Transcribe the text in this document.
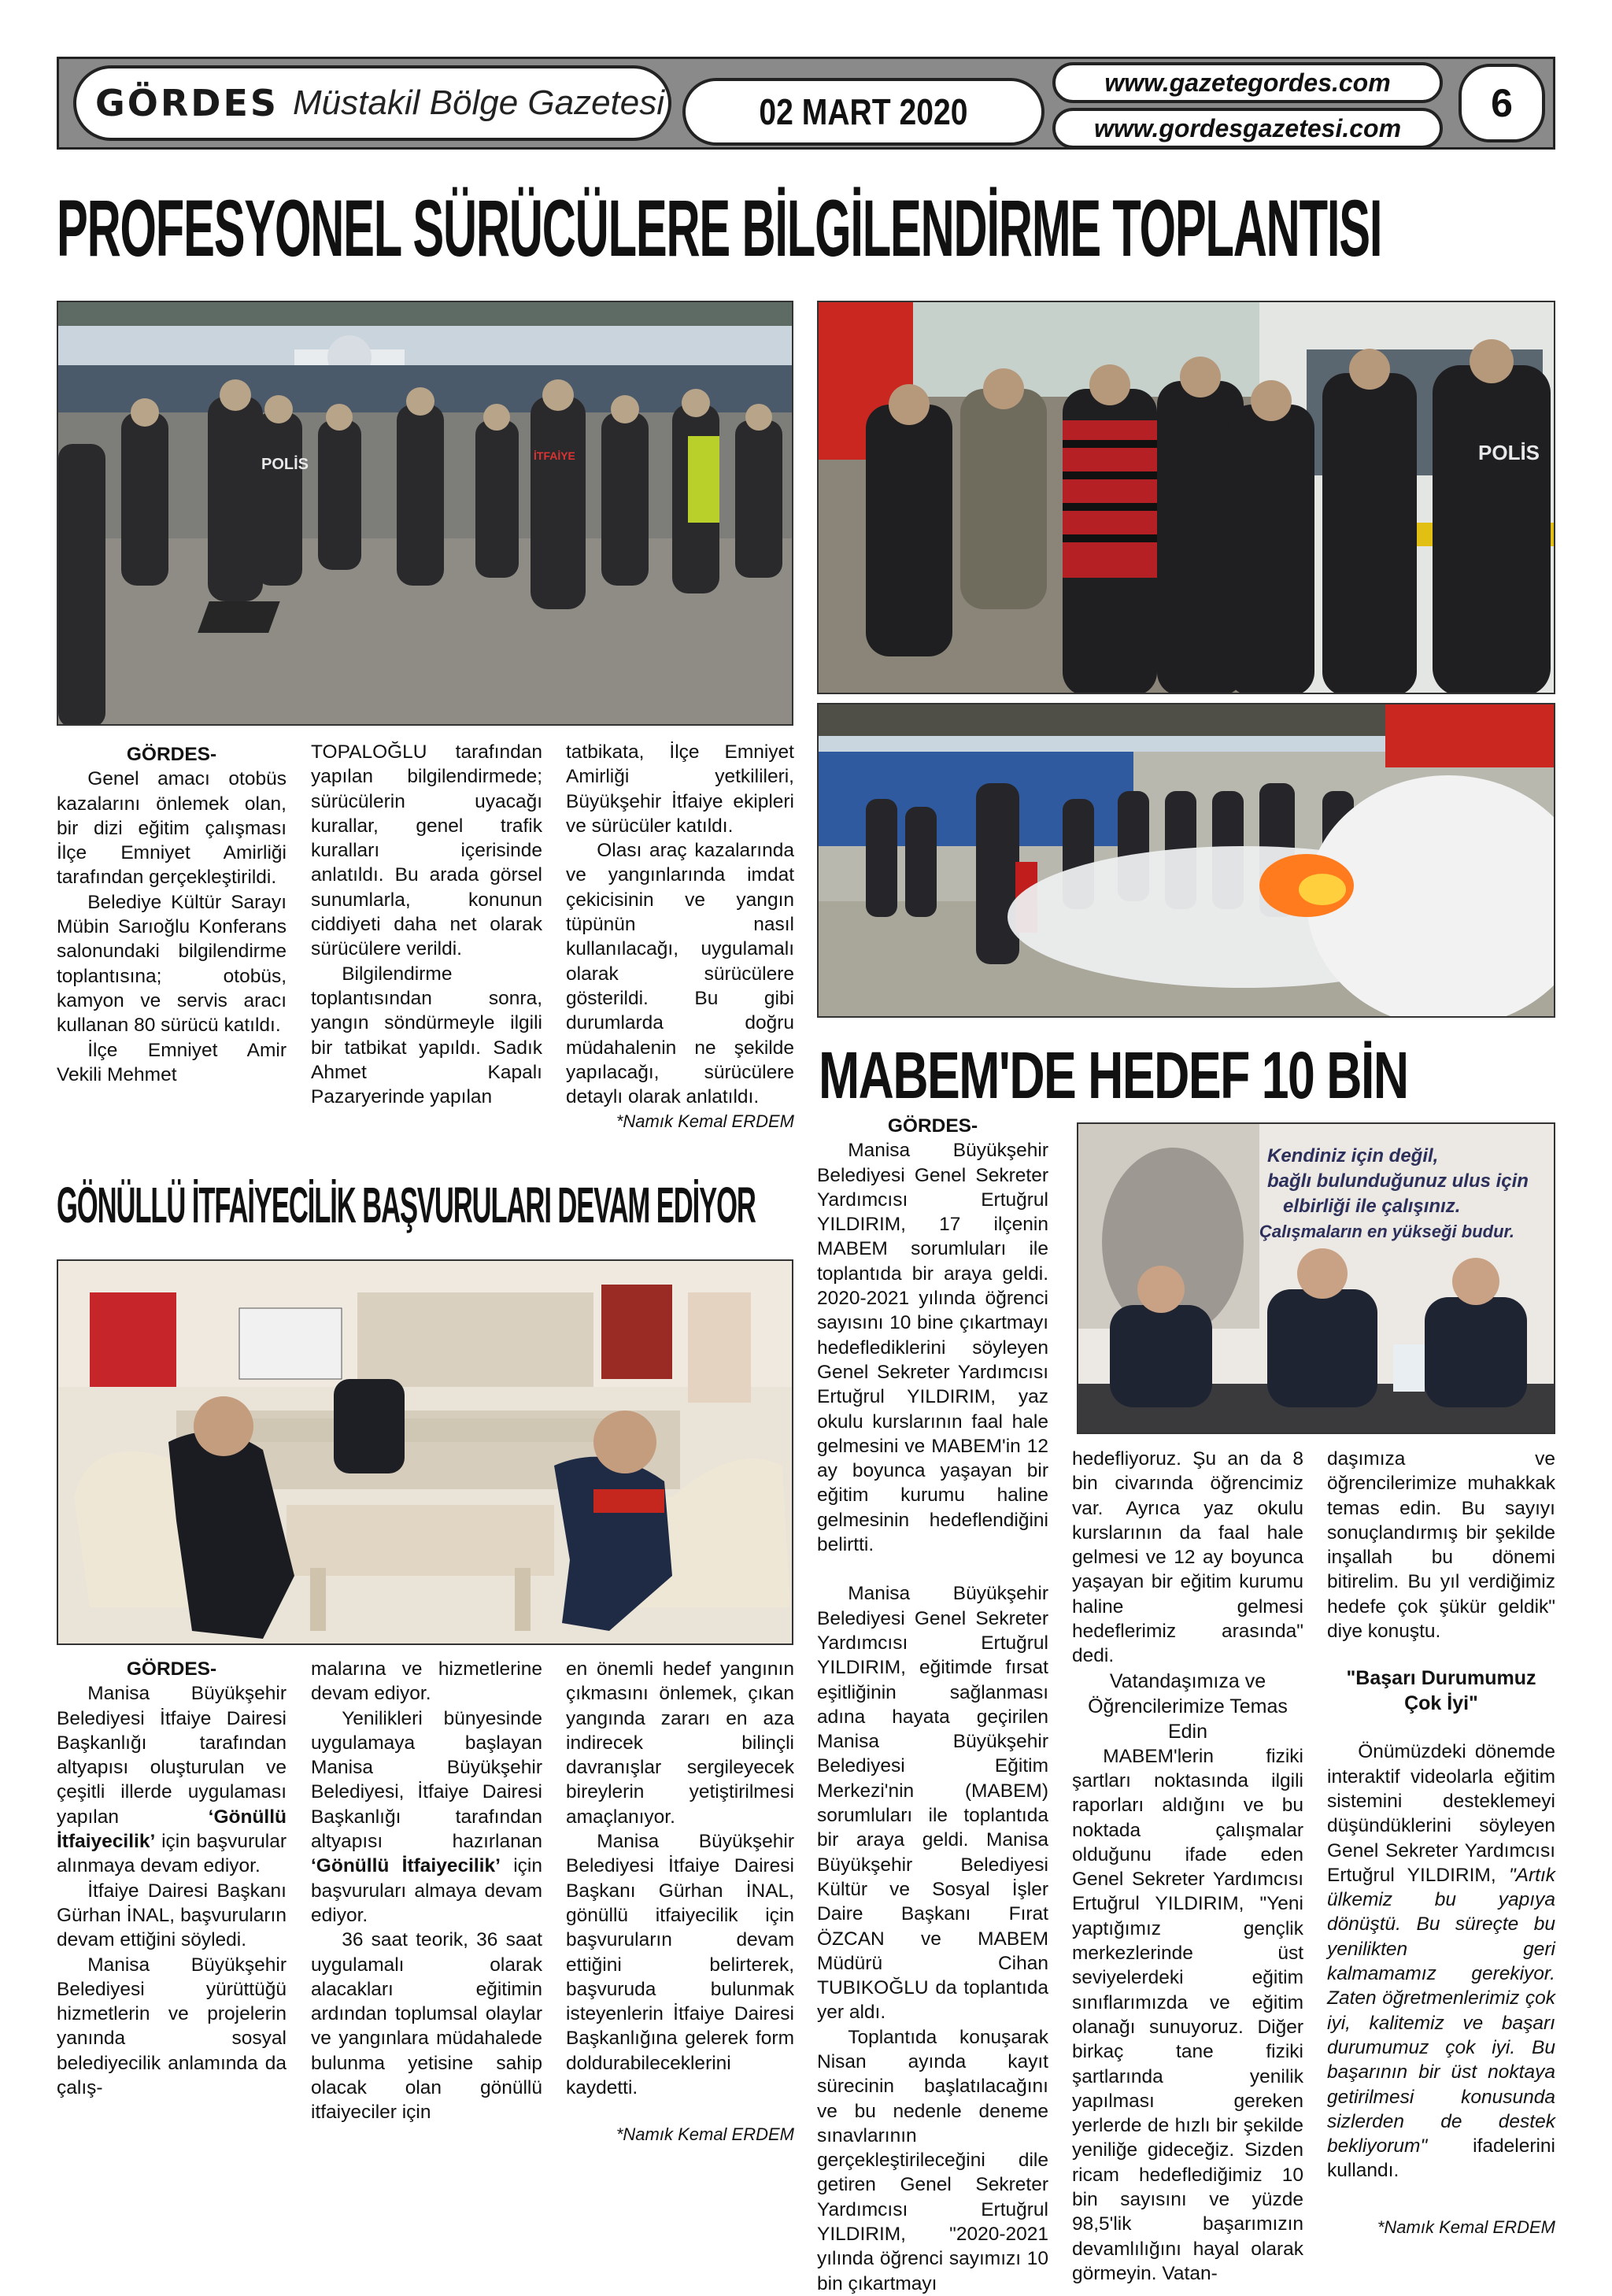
GÖRDES Müstakil Bölge Gazetesi	02 MART 2020
www.gazetegordes.com
www.gordesgazetesi.com
6
PROFESYONEL SÜRÜCÜLERE BİLGİLENDİRME TOPLANTISI
POLİS	İTFAİYE	POLİS
GÖRDES-

Genel amacı otobüs kazalarını önlemek olan, bir dizi eğitim çalışması İlçe Emniyet Amirliği tarafından gerçekleştirildi.

Belediye Kültür Sarayı Mübin Sarıoğlu Konferans salonundaki bilgilendirme toplantısına; otobüs, kamyon ve servis aracı kullanan 80 sürücü katıldı.

İlçe Emniyet Amir Vekili Mehmet

TOPALOĞLU tarafından yapılan bilgilendirmede; sürücülerin uyacağı kurallar, genel trafik kuralları içerisinde anlatıldı. Bu arada görsel sunumlarla, konunun ciddiyeti daha net olarak sürücülere verildi.

Bilgilendirme toplantısından sonra, yangın söndürmeyle ilgili bir tatbikat yapıldı. Sadık Ahmet Kapalı Pazaryerinde yapılan

tatbikata, İlçe Emniyet Amirliği yetkilileri, Büyükşehir İtfaiye ekipleri ve sürücüler katıldı.

Olası araç kazalarında ve yangınlarında imdat çekicisinin ve yangın tüpünün nasıl kullanılacağı, uygulamalı olarak sürücülere gösterildi. Bu gibi durumlarda doğru müdahalenin ne şekilde yapılacağı, sürücülere detaylı olarak anlatıldı.

*Namık Kemal ERDEM

GÖNÜLLÜ İTFAİYECİLİK BAŞVURULARI DEVAM EDİYOR
GÖRDES-

Manisa Büyükşehir Belediyesi İtfaiye Dairesi Başkanlığı tarafından altyapısı oluşturulan ve çeşitli illerde uygulaması yapılan ‘Gönüllü İtfaiyecilik’ için başvurular alınmaya devam ediyor.

İtfaiye Dairesi Başkanı Gürhan İNAL, başvuruların devam ettiğini söyledi.

Manisa Büyükşehir Belediyesi yürüttüğü hizmetlerin ve projelerin yanında sosyal belediyecilik anlamında da çalış-

malarına ve hizmetlerine devam ediyor.

Yenilikleri bünyesinde uygulamaya başlayan Manisa Büyükşehir Belediyesi, İtfaiye Dairesi Başkanlığı tarafından altyapısı hazırlanan ‘Gönüllü İtfaiyecilik’ için başvuruları almaya devam ediyor.

36 saat teorik, 36 saat uygulamalı olarak alacakları eğitimin ardından toplumsal olaylar ve yangınlara müdahalede bulunma yetisine sahip olacak olan gönüllü itfaiyeciler için

en önemli hedef yangının çıkmasını önlemek, çıkan yangında zararı en aza indirecek bilinçli davranışlar sergileyecek bireylerin yetiştirilmesi amaçlanıyor.

Manisa Büyükşehir Belediyesi İtfaiye Dairesi Başkanı Gürhan İNAL, gönüllü itfaiyecilik için başvuruların devam ettiğini belirterek, başvuruda bulunmak isteyenlerin İtfaiye Dairesi Başkanlığına gelerek form doldurabileceklerini kaydetti.

*Namık Kemal ERDEM

MABEM'DE HEDEF 10 BİN
Kendiniz için değil,
bağlı bulunduğunuz ulus için
elbirliği ile çalışınız.
Çalışmaların en yükseği budur.
GÖRDES-

Manisa Büyükşehir Belediyesi Genel Sekreter Yardımcısı Ertuğrul YILDIRIM, 17 ilçenin MABEM sorumluları ile toplantıda bir araya geldi. 2020-2021 yılında öğrenci sayısını 10 bine çıkartmayı hedeflediklerini söyleyen Genel Sekreter Yardımcısı Ertuğrul YILDIRIM, yaz okulu kurslarının faal hale gelmesini ve MABEM'in 12 ay boyunca yaşayan bir eğitim kurumu haline gelmesinin hedeflendiğini belirtti.

Manisa Büyükşehir Belediyesi Genel Sekreter Yardımcısı Ertuğrul YILDIRIM, eğitimde fırsat eşitliğinin sağlanması adına hayata geçirilen Manisa Büyükşehir Belediyesi Eğitim Merkezi'nin (MABEM) sorumluları ile toplantıda bir araya geldi. Manisa Büyükşehir Belediyesi Kültür ve Sosyal İşler Daire Başkanı Fırat ÖZCAN ve MABEM Müdürü Cihan TUBIKOĞLU da toplantıda yer aldı.

Toplantıda konuşarak Nisan ayında kayıt sürecinin başlatılacağını ve bu nedenle deneme sınavlarının gerçekleştirileceğini dile getiren Genel Sekreter Yardımcısı Ertuğrul YILDIRIM, "2020-2021 yılında öğrenci sayımızı 10 bin çıkartmayı

hedefliyoruz. Şu an da 8 bin civarında öğrencimiz var. Ayrıca yaz okulu kurslarının da faal hale gelmesi ve 12 ay boyunca yaşayan bir eğitim kurumu haline gelmesi hedeflerimiz arasında" dedi.

Vatandaşımıza ve Öğrencilerimize Temas Edin

MABEM'lerin fiziki şartları noktasında ilgili raporları aldığını ve bu noktada çalışmalar olduğunu ifade eden Genel Sekreter Yardımcısı Ertuğrul YILDIRIM, "Yeni yaptığımız gençlik merkezlerinde üst seviyelerdeki eğitim sınıflarımızda ve eğitim olanağı sunuyoruz. Diğer birkaç tane fiziki şartlarında yenilik yapılması gereken yerlerde de hızlı bir şekilde yeniliğe gideceğiz. Sizden ricam hedeflediğimiz 10 bin sayısını ve yüzde 98,5'lik başarımızın devamlılığını hayal olarak görmeyin. Vatan-

daşımıza ve öğrencilerimize muhakkak temas edin. Bu sayıyı sonuçlandırmış bir şekilde inşallah bu dönemi bitirelim. Bu yıl verdiğimiz hedefe çok şükür geldik" diye konuştu.

"Başarı Durumumuz Çok İyi"

Önümüzdeki dönemde interaktif videolarla eğitim sistemini desteklemeyi düşündüklerini söyleyen Genel Sekreter Yardımcısı Ertuğrul YILDIRIM, "Artık ülkemiz bu yapıya dönüştü. Bu süreçte bu yenilikten geri kalmamamız gerekiyor. Zaten öğretmenlerimiz çok iyi, kalitemiz ve başarı durumumuz çok iyi. Bu başarının bir üst noktaya getirilmesi konusunda sizlerden de destek bekliyorum" ifadelerini kullandı.

*Namık Kemal ERDEM
